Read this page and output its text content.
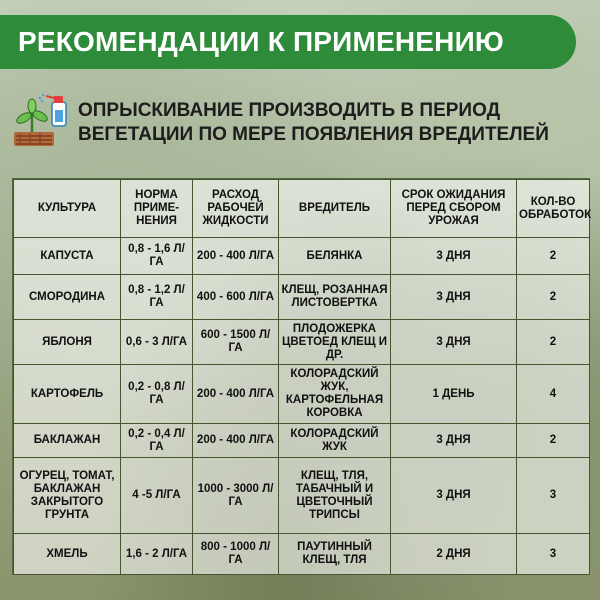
РЕКОМЕНДАЦИИ К ПРИМЕНЕНИЮ
ОПРЫСКИВАНИЕ ПРОИЗВОДИТЬ В ПЕРИОД
ВЕГЕТАЦИИ ПО МЕРЕ ПОЯВЛЕНИЯ ВРЕДИТЕЛЕЙ
КУЛЬТУРА	НОРМА ПРИМЕ- НЕНИЯ	РАСХОД РАБОЧЕЙ ЖИДКОСТИ	ВРЕДИТЕЛЬ	СРОК ОЖИДАНИЯ ПЕРЕД СБОРОМ УРОЖАЯ	КОЛ-ВО ОБРАБОТОК
КАПУСТА	0,8 - 1,6 Л/ГА	200 - 400 Л/ГА	БЕЛЯНКА	3 ДНЯ	2
СМОРОДИНА	0,8 - 1,2 Л/ГА	400 - 600 Л/ГА	КЛЕЩ, РОЗАННАЯ ЛИСТОВЕРТКА	3 ДНЯ	2
ЯБЛОНЯ	0,6 - 3 Л/ГА	600 - 1500 Л/ГА	ПЛОДОЖЕРКА ЦВЕТОЕД КЛЕЩ И ДР.	3 ДНЯ	2
КАРТОФЕЛЬ	0,2 - 0,8 Л/ГА	200 - 400 Л/ГА	КОЛОРАДСКИЙ ЖУК, КАРТОФЕЛЬНАЯ КОРОВКА	1 ДЕНЬ	4
БАКЛАЖАН	0,2 - 0,4 Л/ГА	200 - 400 Л/ГА	КОЛОРАДСКИЙ ЖУК	3 ДНЯ	2
ОГУРЕЦ, ТОМАТ, БАКЛАЖАН ЗАКРЫТОГО ГРУНТА	4 -5 Л/ГА	1000 - 3000 Л/ГА	КЛЕЩ, ТЛЯ, ТАБАЧНЫЙ И ЦВЕТОЧНЫЙ ТРИПСЫ	3 ДНЯ	3
ХМЕЛЬ	1,6 - 2 Л/ГА	800 - 1000 Л/ГА	ПАУТИННЫЙ КЛЕЩ, ТЛЯ	2 ДНЯ	3
